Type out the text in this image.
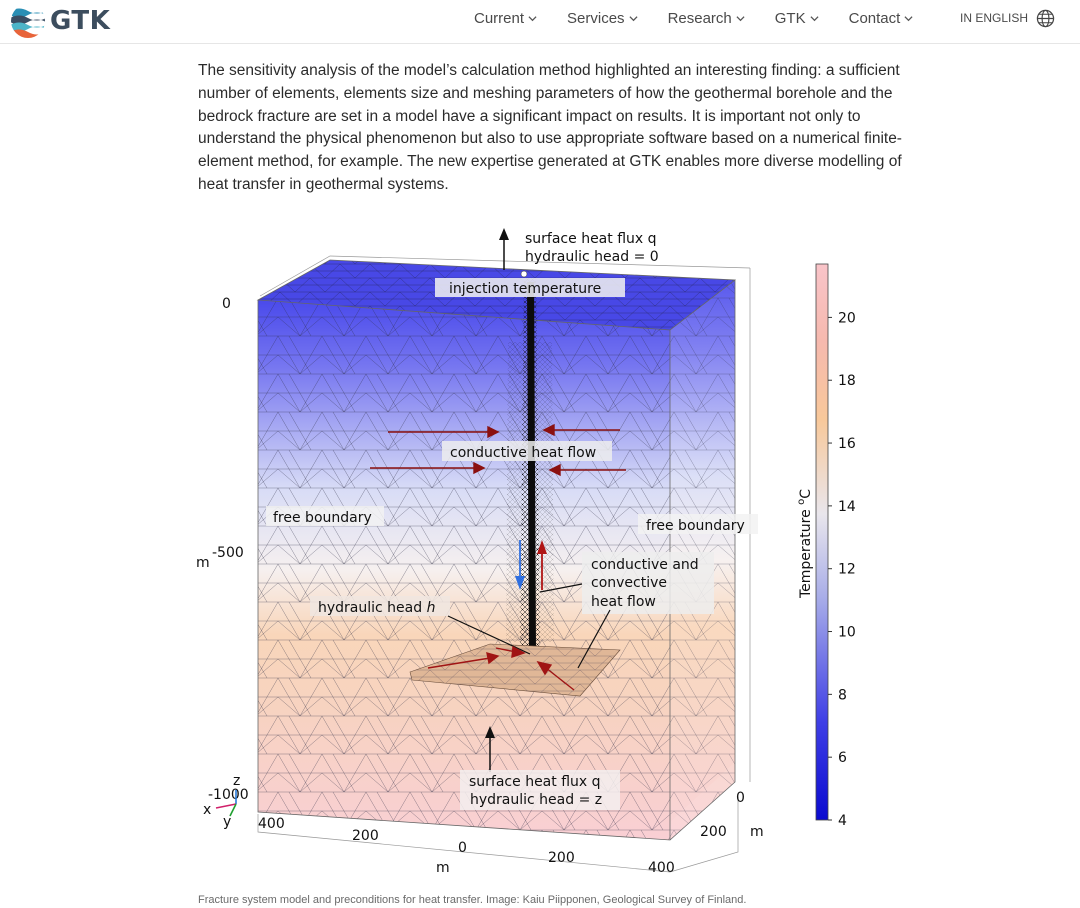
GTK	Current	Services	Research	GTK	Contact	IN ENGLISH

The sensitivity analysis of the model’s calculation method highlighted an interesting finding: a sufficient number of elements, elements size and meshing parameters of how the geothermal borehole and the bedrock fracture are set in a model have a significant impact on results. It is important not only to understand the physical phenomenon but also to use appropriate software based on a numerical finite-element method, for example. The new expertise generated at GTK enables more diverse modelling of heat transfer in geothermal systems.

surface heat flux q
hydraulic head = 0
injection temperature
conductive heat flow
free boundary	free boundary
conductive and
convective
heat flow
hydraulic head h
surface heat flux q
hydraulic head = z
0
-500
m
-1000
z
x
y 400
200
0
200
400
m
0
200 m
20
18
16
14
12
10
8
6
4
Temperature $^o$C

Fracture system model and preconditions for heat transfer. Image: Kaiu Piipponen, Geological Survey of Finland.
